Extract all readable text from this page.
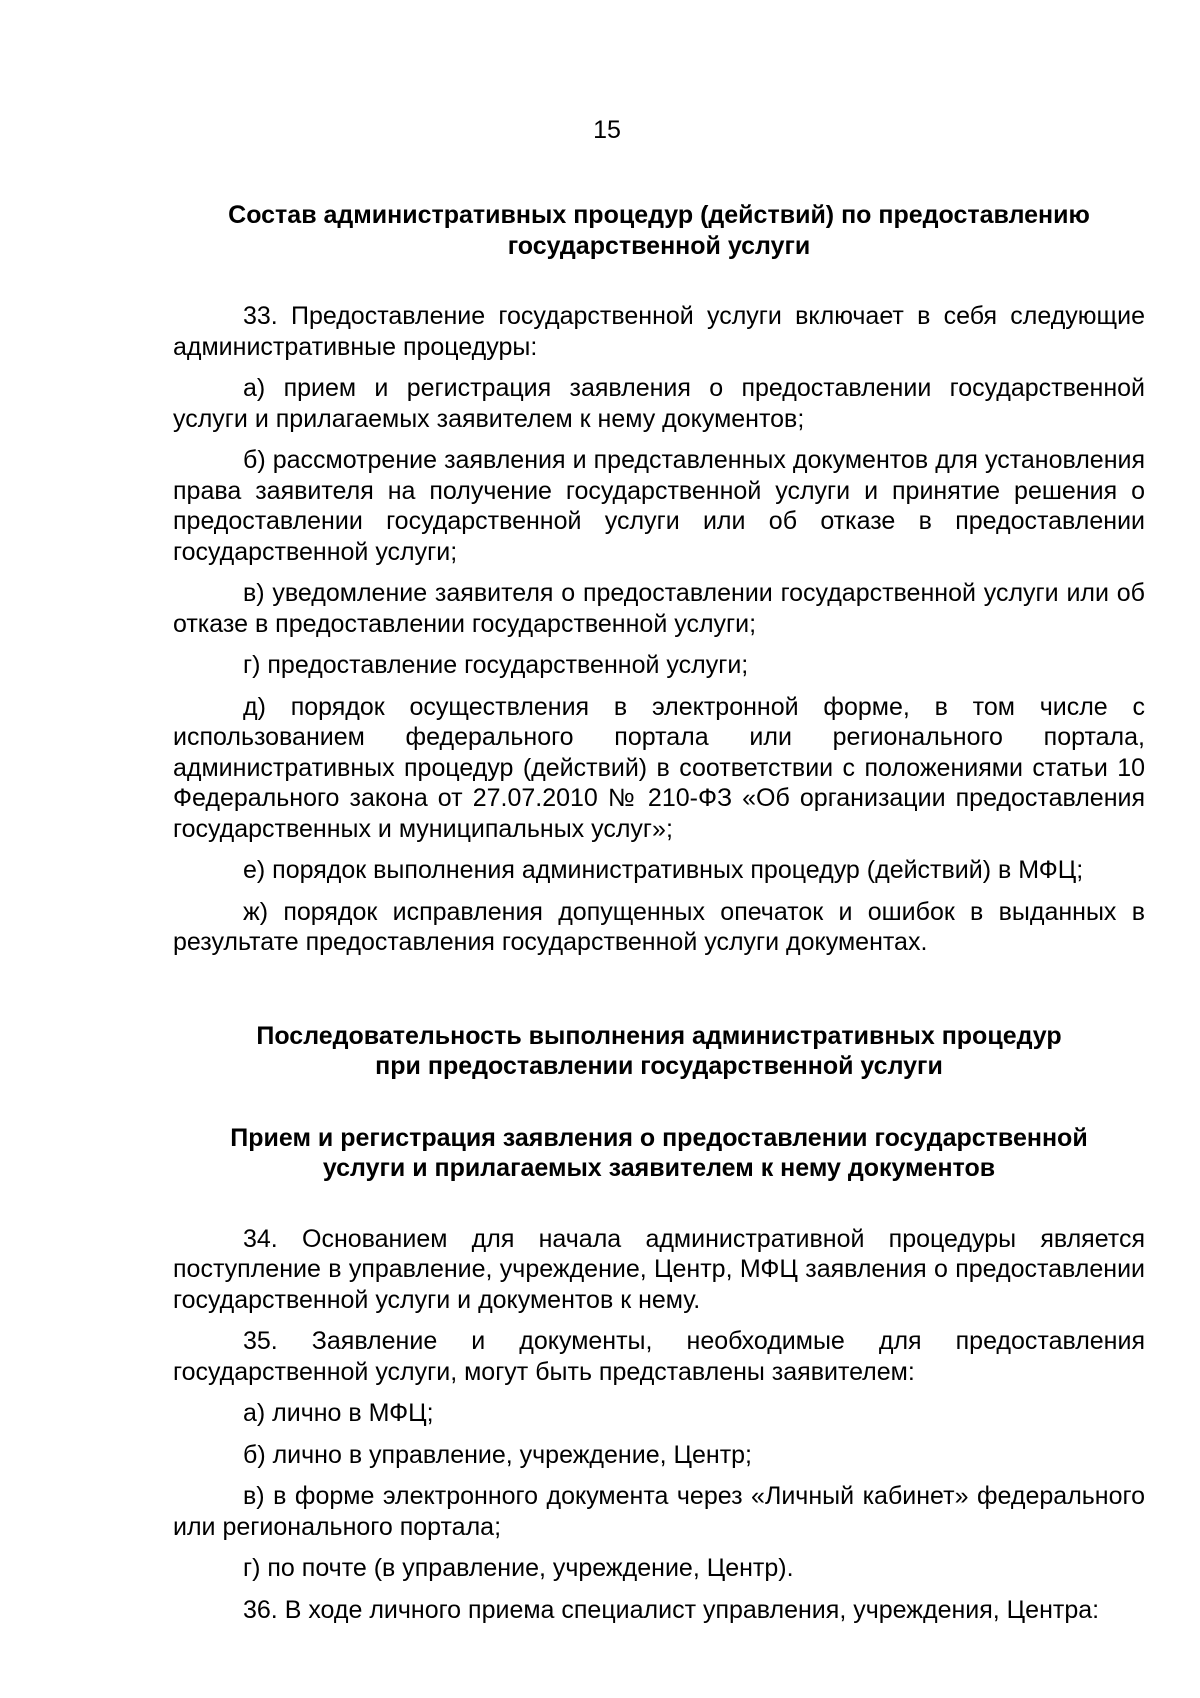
15
Состав административных процедур (действий) по предоставлению
государственной услуги

33. Предоставление государственной услуги включает в себя следующие административные процедуры:

а) прием и регистрация заявления о предоставлении государственной услуги и прилагаемых заявителем к нему документов;

б) рассмотрение заявления и представленных документов для установления права заявителя на получение государственной услуги и принятие решения о предоставлении государственной услуги или об отказе в предоставлении государственной услуги;

в) уведомление заявителя о предоставлении государственной услуги или об отказе в предоставлении государственной услуги;

г) предоставление государственной услуги;

д) порядок осуществления в электронной форме, в том числе с использованием федерального портала или регионального портала, административных процедур (действий) в соответствии с положениями статьи 10 Федерального закона от 27.07.2010 № 210-ФЗ «Об организации предоставления государственных и муниципальных услуг»;

е) порядок выполнения административных процедур (действий) в МФЦ;

ж) порядок исправления допущенных опечаток и ошибок в выданных в результате предоставления государственной услуги документах.

Последовательность выполнения административных процедур
при предоставлении государственной услуги
Прием и регистрация заявления о предоставлении государственной
услуги и прилагаемых заявителем к нему документов

34. Основанием для начала административной процедуры является поступление в управление, учреждение, Центр, МФЦ заявления о предоставлении государственной услуги и документов к нему.

35. Заявление и документы, необходимые для предоставления государственной услуги, могут быть представлены заявителем:

а) лично в МФЦ;

б) лично в управление, учреждение, Центр;

в) в форме электронного документа через «Личный кабинет» федерального или регионального портала;

г) по почте (в управление, учреждение, Центр).

36. В ходе личного приема специалист управления, учреждения, Центра:
